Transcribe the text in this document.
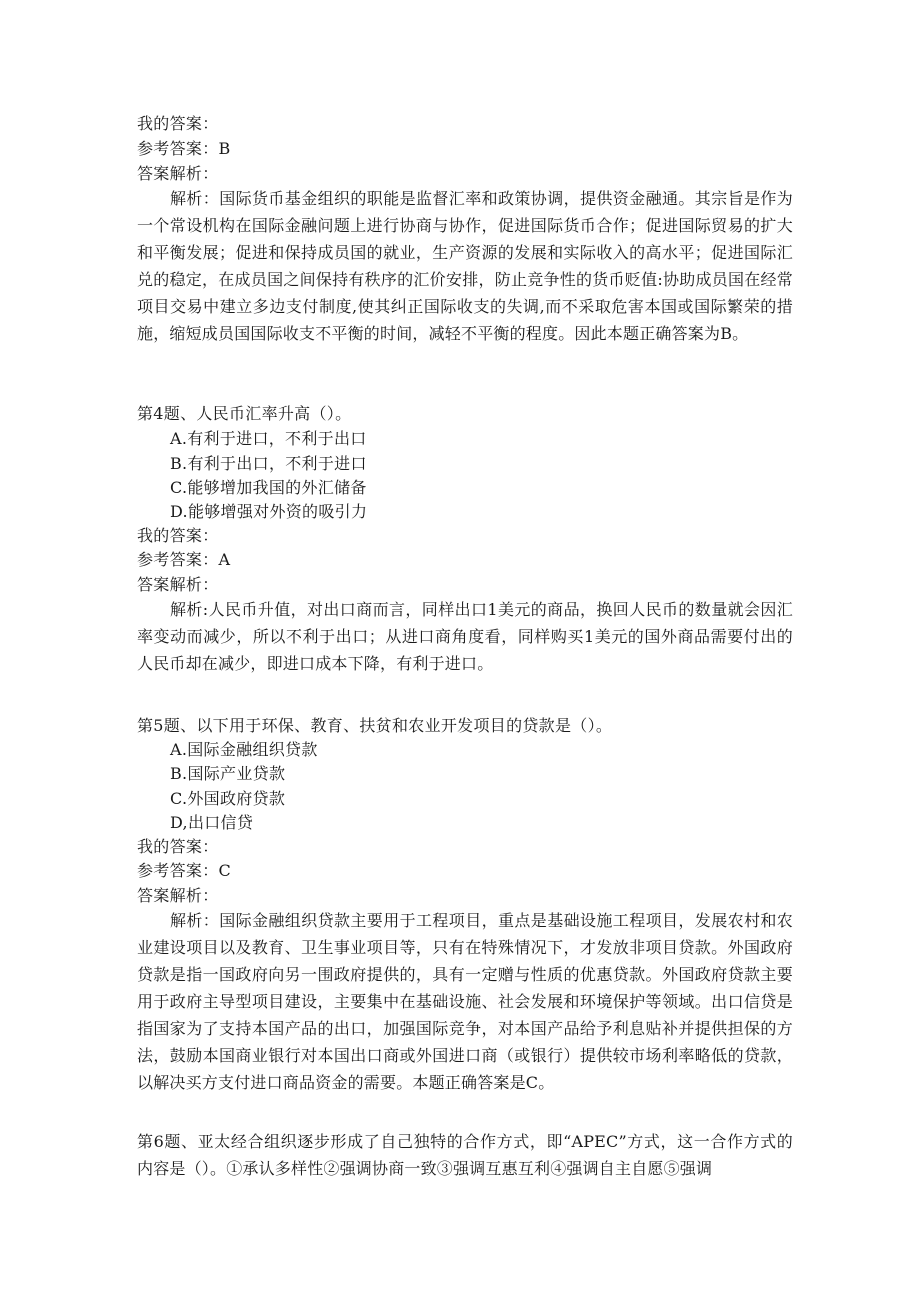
我的答案：
参考答案：B
答案解析：
解析：国际货币基金组织的职能是监督汇率和政策协调，提供资金融通。其宗旨是作为一个常设机构在国际金融问题上进行协商与协作，促进国际货币合作；促进国际贸易的扩大和平衡发展；促进和保持成员国的就业，生产资源的发展和实际收入的高水平；促进国际汇兑的稳定，在成员国之间保持有秩序的汇价安排，防止竞争性的货币贬值:协助成员国在经常项目交易中建立多边支付制度,使其纠正国际收支的失调,而不采取危害本国或国际繁荣的措施，缩短成员国国际收支不平衡的时间，减轻不平衡的程度。因此本题正确答案为B。
第4题、人民币汇率升高（）。
A.有利于进口，不利于出口
B.有利于出口，不利于进口
C.能够增加我国的外汇储备
D.能够增强对外资的吸引力
我的答案：
参考答案：A
答案解析：
解析:人民币升值，对出口商而言，同样出口1美元的商品，换回人民币的数量就会因汇率变动而减少，所以不利于出口；从进口商角度看，同样购买1美元的国外商品需要付出的人民币却在减少，即进口成本下降，有利于进口。
第5题、以下用于环保、教育、扶贫和农业开发项目的贷款是（）。
A.国际金融组织贷款
B.国际产业贷款
C.外国政府贷款
D,出口信贷
我的答案：
参考答案：C
答案解析：
解析：国际金融组织贷款主要用于工程项目，重点是基础设施工程项目，发展农村和农业建设项目以及教育、卫生事业项目等，只有在特殊情况下，才发放非项目贷款。外国政府贷款是指一国政府向另一围政府提供的，具有一定赠与性质的优惠贷款。外国政府贷款主要用于政府主导型项目建设，主要集中在基础设施、社会发展和环境保护等领域。出口信贷是指国家为了支持本国产品的出口，加强国际竞争，对本国产品给予利息贴补并提供担保的方法，鼓励本国商业银行对本国出口商或外国进口商（或银行）提供较市场利率略低的贷款，以解决买方支付进口商品资金的需要。本题正确答案是C。
第6题、亚太经合组织逐步形成了自己独特的合作方式，即“APEC”方式，这一合作方式的内容是（）。①承认多样性②强调协商一致③强调互惠互利④强调自主自愿⑤强调
